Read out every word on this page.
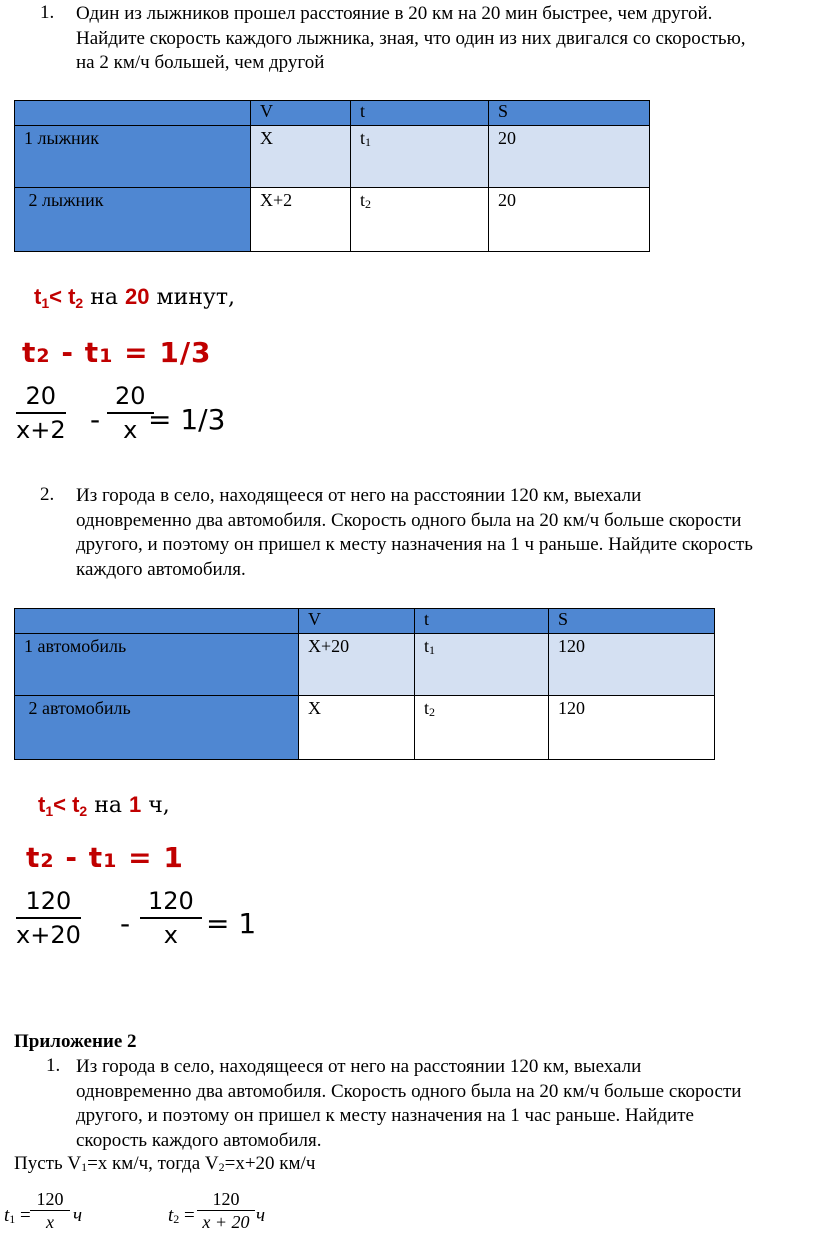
1. Один из лыжников прошел расстояние в 20 км на 20 мин быстрее, чем другой.
Найдите скорость каждого лыжника, зная, что один из них двигался со скоростью,
на 2 км/ч большей, чем другой
	V	t	S
1 лыжник	X	t1	20
2 лыжник	X+2	t2	20
t1< t2 на 20 минут,
t2 - t1 = 1/3
$\frac{20}{x+2} - \frac{20}{x}$
= 1/3
2. Из города в село, находящееся от него на расстоянии 120 км, выехали
одновременно два автомобиля. Скорость одного была на 20 км/ч больше скорости
другого, и поэтому он пришел к месту назначения на 1 ч раньше. Найдите скорость
каждого автомобиля.
	V	t	S
1 автомобиль	X+20	t1	120
2 автомобиль	X	t2	120
t1< t2 на 1 ч,
t2 - t1 = 1
$\frac{120}{x+20} - \frac{120}{x} = 1$
Приложение 2
1. Из города в село, находящееся от него на расстоянии 120 км, выехали
одновременно два автомобиля. Скорость одного была на 20 км/ч больше скорости
другого, и поэтому он пришел к месту назначения на 1 час раньше. Найдите
скорость каждого автомобиля.
Пусть V1=x км/ч, тогда V2=x+20 км/ч
t1 =
120
x	ч	t2 =
120
x + 20 ч
